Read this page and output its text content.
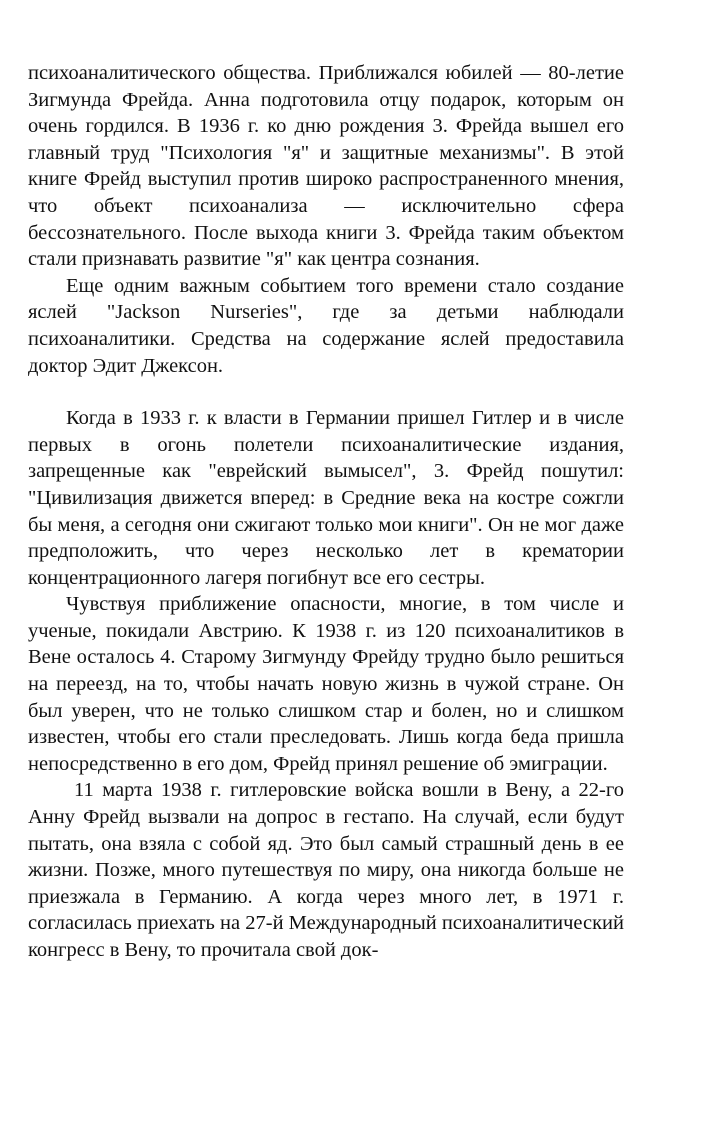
психоаналитического общества. Приближался юбилей — 80-летие Зигмунда Фрейда. Анна подготовила отцу подарок, которым он очень гордился. В 1936 г. ко дню рождения 3. Фрейда вышел его главный труд "Психология "я" и защитные механизмы". В этой книге Фрейд выступил против широко распространенного мнения, что объект психоанализа — исключительно сфера бессознательного. После выхода книги 3. Фрейда таким объектом стали признавать развитие "я" как центра сознания.

Еще одним важным событием того времени стало создание яслей "Jackson Nurseries", где за детьми наблюдали психоаналитики. Средства на содержание яслей предоставила доктор Эдит Джексон.

Когда в 1933 г. к власти в Германии пришел Гитлер и в числе первых в огонь полетели психоаналитические издания, запрещенные как "еврейский вымысел", 3. Фрейд пошутил: "Цивилизация движется вперед: в Средние века на костре сожгли бы меня, а сегодня они сжигают только мои книги". Он не мог даже предположить, что через несколько лет в крематории концентрационного лагеря погибнут все его сестры.

Чувствуя приближение опасности, многие, в том числе и ученые, покидали Австрию. К 1938 г. из 120 психоаналитиков в Вене осталось 4. Старому Зигмунду Фрейду трудно было решиться на переезд, на то, чтобы начать новую жизнь в чужой стране. Он был уверен, что не только слишком стар и болен, но и слишком известен, чтобы его стали преследовать. Лишь когда беда пришла непосредственно в его дом, Фрейд принял решение об эмиграции.

11 марта 1938 г. гитлеровские войска вошли в Вену, а 22-го Анну Фрейд вызвали на допрос в гестапо. На случай, если будут пытать, она взяла с собой яд. Это был самый страшный день в ее жизни. Позже, много путешествуя по миру, она никогда больше не приезжала в Германию. А когда через много лет, в 1971 г. согласилась приехать на 27-й Международный психоаналитический конгресс в Вену, то прочитала свой док-
